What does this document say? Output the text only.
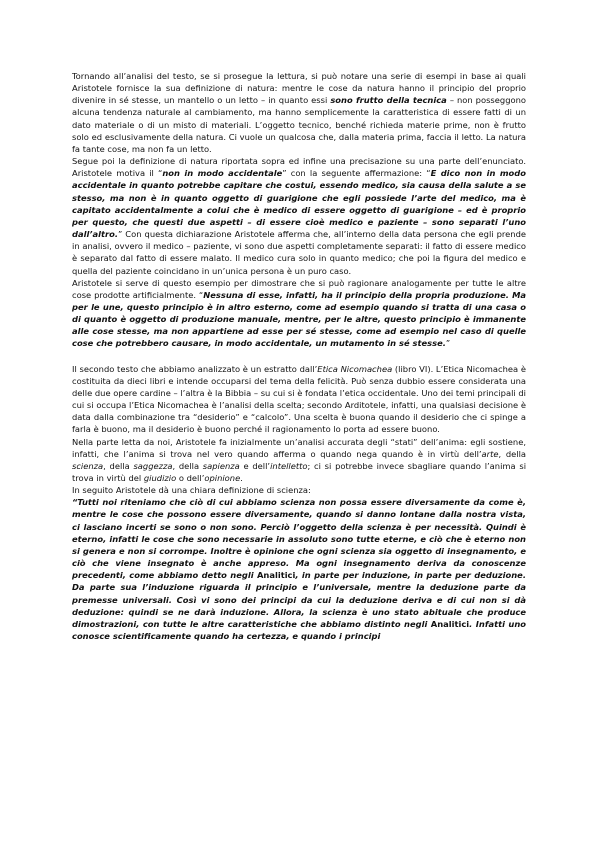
Tornando all’analisi del testo, se si prosegue la lettura, si può notare una serie di esempi in base ai quali Aristotele fornisce la sua definizione di natura: mentre le cose da natura hanno il principio del proprio divenire in sé stesse, un mantello o un letto – in quanto essi sono frutto della tecnica – non posseggono alcuna tendenza naturale al cambiamento, ma hanno semplicemente la caratteristica di essere fatti di un dato materiale o di un misto di materiali. L’oggetto tecnico, benché richieda materie prime, non è frutto solo ed esclusivamente della natura. Ci vuole un qualcosa che, dalla materia prima, faccia il letto. La natura fa tante cose, ma non fa un letto.

Segue poi la definizione di natura riportata sopra ed infine una precisazione su una parte dell’enunciato. Aristotele motiva il “non in modo accidentale” con la seguente affermazione: “E dico non in modo accidentale in quanto potrebbe capitare che costui, essendo medico, sia causa della salute a se stesso, ma non è in quanto oggetto di guarigione che egli possiede l’arte del medico, ma è capitato accidentalmente a colui che è medico di essere oggetto di guarigione – ed è proprio per questo, che questi due aspetti – di essere cioè medico e paziente – sono separati l’uno dall’altro.” Con questa dichiarazione Aristotele afferma che, all’interno della data persona che egli prende in analisi, ovvero il medico – paziente, vi sono due aspetti completamente separati: il fatto di essere medico è separato dal fatto di essere malato. Il medico cura solo in quanto medico; che poi la figura del medico e quella del paziente coincidano in un’unica persona è un puro caso.

Aristotele si serve di questo esempio per dimostrare che si può ragionare analogamente per tutte le altre cose prodotte artificialmente. “Nessuna di esse, infatti, ha il principio della propria produzione. Ma per le une, questo principio è in altro esterno, come ad esempio quando si tratta di una casa o di quanto è oggetto di produzione manuale, mentre, per le altre, questo principio è immanente alle cose stesse, ma non appartiene ad esse per sé stesse, come ad esempio nel caso di quelle cose che potrebbero causare, in modo accidentale, un mutamento in sé stesse.”

Il secondo testo che abbiamo analizzato è un estratto dall’Etica Nicomachea (libro VI). L’Etica Nicomachea è costituita da dieci libri e intende occuparsi del tema della felicità. Può senza dubbio essere considerata una delle due opere cardine – l’altra è la Bibbia – su cui si è fondata l’etica occidentale. Uno dei temi principali di cui si occupa l’Etica Nicomachea è l’analisi della scelta; secondo Arditotele, infatti, una qualsiasi decisione è data dalla combinazione tra “desiderio” e “calcolo”. Una scelta è buona quando il desiderio che ci spinge a farla è buono, ma il desiderio è buono perché il ragionamento lo porta ad essere buono.

Nella parte letta da noi, Aristotele fa inizialmente un’analisi accurata degli “stati” dell’anima: egli sostiene, infatti, che l’anima si trova nel vero quando afferma o quando nega quando è in virtù dell’arte, della scienza, della saggezza, della sapienza e dell’intelletto; ci si potrebbe invece sbagliare quando l’anima si trova in virtù del giudizio o dell’opinione.

In seguito Aristotele dà una chiara definizione di scienza:

“Tutti noi riteniamo che ciò di cui abbiamo scienza non possa essere diversamente da come è, mentre le cose che possono essere diversamente, quando si danno lontane dalla nostra vista, ci lasciano incerti se sono o non sono. Perciò l’oggetto della scienza è per necessità. Quindi è eterno, infatti le cose che sono necessarie in assoluto sono tutte eterne, e ciò che è eterno non si genera e non si corrompe. Inoltre è opinione che ogni scienza sia oggetto di insegnamento, e ciò che viene insegnato è anche appreso. Ma ogni insegnamento deriva da conoscenze precedenti, come abbiamo detto negli Analitici, in parte per induzione, in parte per deduzione. Da parte sua l’induzione riguarda il principio e l’universale, mentre la deduzione parte da premesse universali. Così vi sono dei principi da cui la deduzione deriva e di cui non si dà deduzione: quindi se ne darà induzione. Allora, la scienza è uno stato abituale che produce dimostrazioni, con tutte le altre caratteristiche che abbiamo distinto negli Analitici. Infatti uno conosce scientificamente quando ha certezza, e quando i principi
